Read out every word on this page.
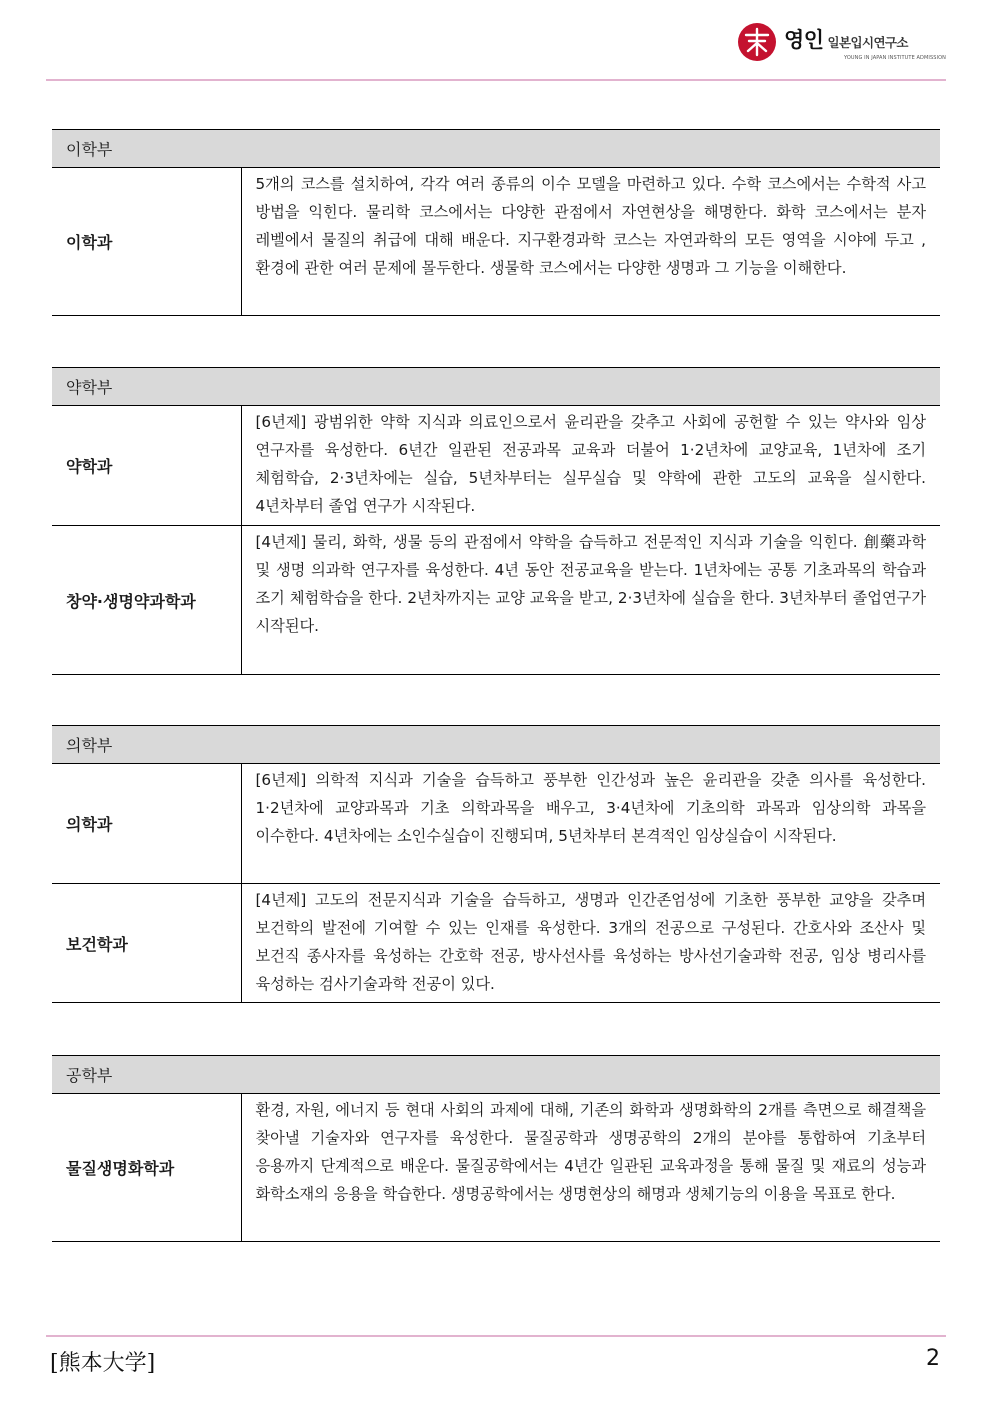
영인 일본입시연구소
YOUNG IN JAPAN INSTITUTE ADMISSION
이학부
이학과	5개의 코스를 설치하여, 각각 여러 종류의 이수 모델을 마련하고 있다. 수학 코스에서는 수학적 사고 방법을 익힌다. 물리학 코스에서는 다양한 관점에서 자연현상을 해명한다. 화학 코스에서는 분자 레벨에서 물질의 취급에 대해 배운다. 지구환경과학 코스는 자연과학의 모든 영역을 시야에 두고 , 환경에 관한 여러 문제에 몰두한다. 생물학 코스에서는 다양한 생명과 그 기능을 이해한다.
약학부	
약학과	[6년제] 광범위한 약학 지식과 의료인으로서 윤리관을 갖추고 사회에 공헌할 수 있는 약사와 임상 연구자를 육성한다. 6년간 일관된 전공과목 교육과 더불어 1·2년차에 교양교육, 1년차에 조기 체험학습, 2·3년차에는 실습, 5년차부터는 실무실습 및 약학에 관한 고도의 교육을 실시한다. 4년차부터 졸업 연구가 시작된다.
창약·생명약과학과	[4년제] 물리, 화학, 생물 등의 관점에서 약학을 습득하고 전문적인 지식과 기술을 익힌다. 創藥과학 및 생명 의과학 연구자를 육성한다. 4년 동안 전공교육을 받는다. 1년차에는 공통 기초과목의 학습과 조기 체험학습을 한다. 2년차까지는 교양 교육을 받고, 2·3년차에 실습을 한다. 3년차부터 졸업연구가 시작된다.
의학부	
의학과	[6년제] 의학적 지식과 기술을 습득하고 풍부한 인간성과 높은 윤리관을 갖춘 의사를 육성한다. 1·2년차에 교양과목과 기초 의학과목을 배우고, 3·4년차에 기초의학 과목과 임상의학 과목을 이수한다. 4년차에는 소인수실습이 진행되며, 5년차부터 본격적인 임상실습이 시작된다.
보건학과	[4년제] 고도의 전문지식과 기술을 습득하고, 생명과 인간존엄성에 기초한 풍부한 교양을 갖추며 보건학의 발전에 기여할 수 있는 인재를 육성한다. 3개의 전공으로 구성된다. 간호사와 조산사 및 보건직 종사자를 육성하는 간호학 전공, 방사선사를 육성하는 방사선기술과학 전공, 임상 병리사를 육성하는 검사기술과학 전공이 있다.
공학부
물질생명화학과	환경, 자원, 에너지 등 현대 사회의 과제에 대해, 기존의 화학과 생명화학의 2개를 측면으로 해결책을 찾아낼 기술자와 연구자를 육성한다. 물질공학과 생명공학의 2개의 분야를 통합하여 기초부터 응용까지 단계적으로 배운다. 물질공학에서는 4년간 일관된 교육과정을 통해 물질 및 재료의 성능과 화학소재의 응용을 학습한다. 생명공학에서는 생명현상의 해명과 생체기능의 이용을 목표로 한다.
[熊本大学]	2
